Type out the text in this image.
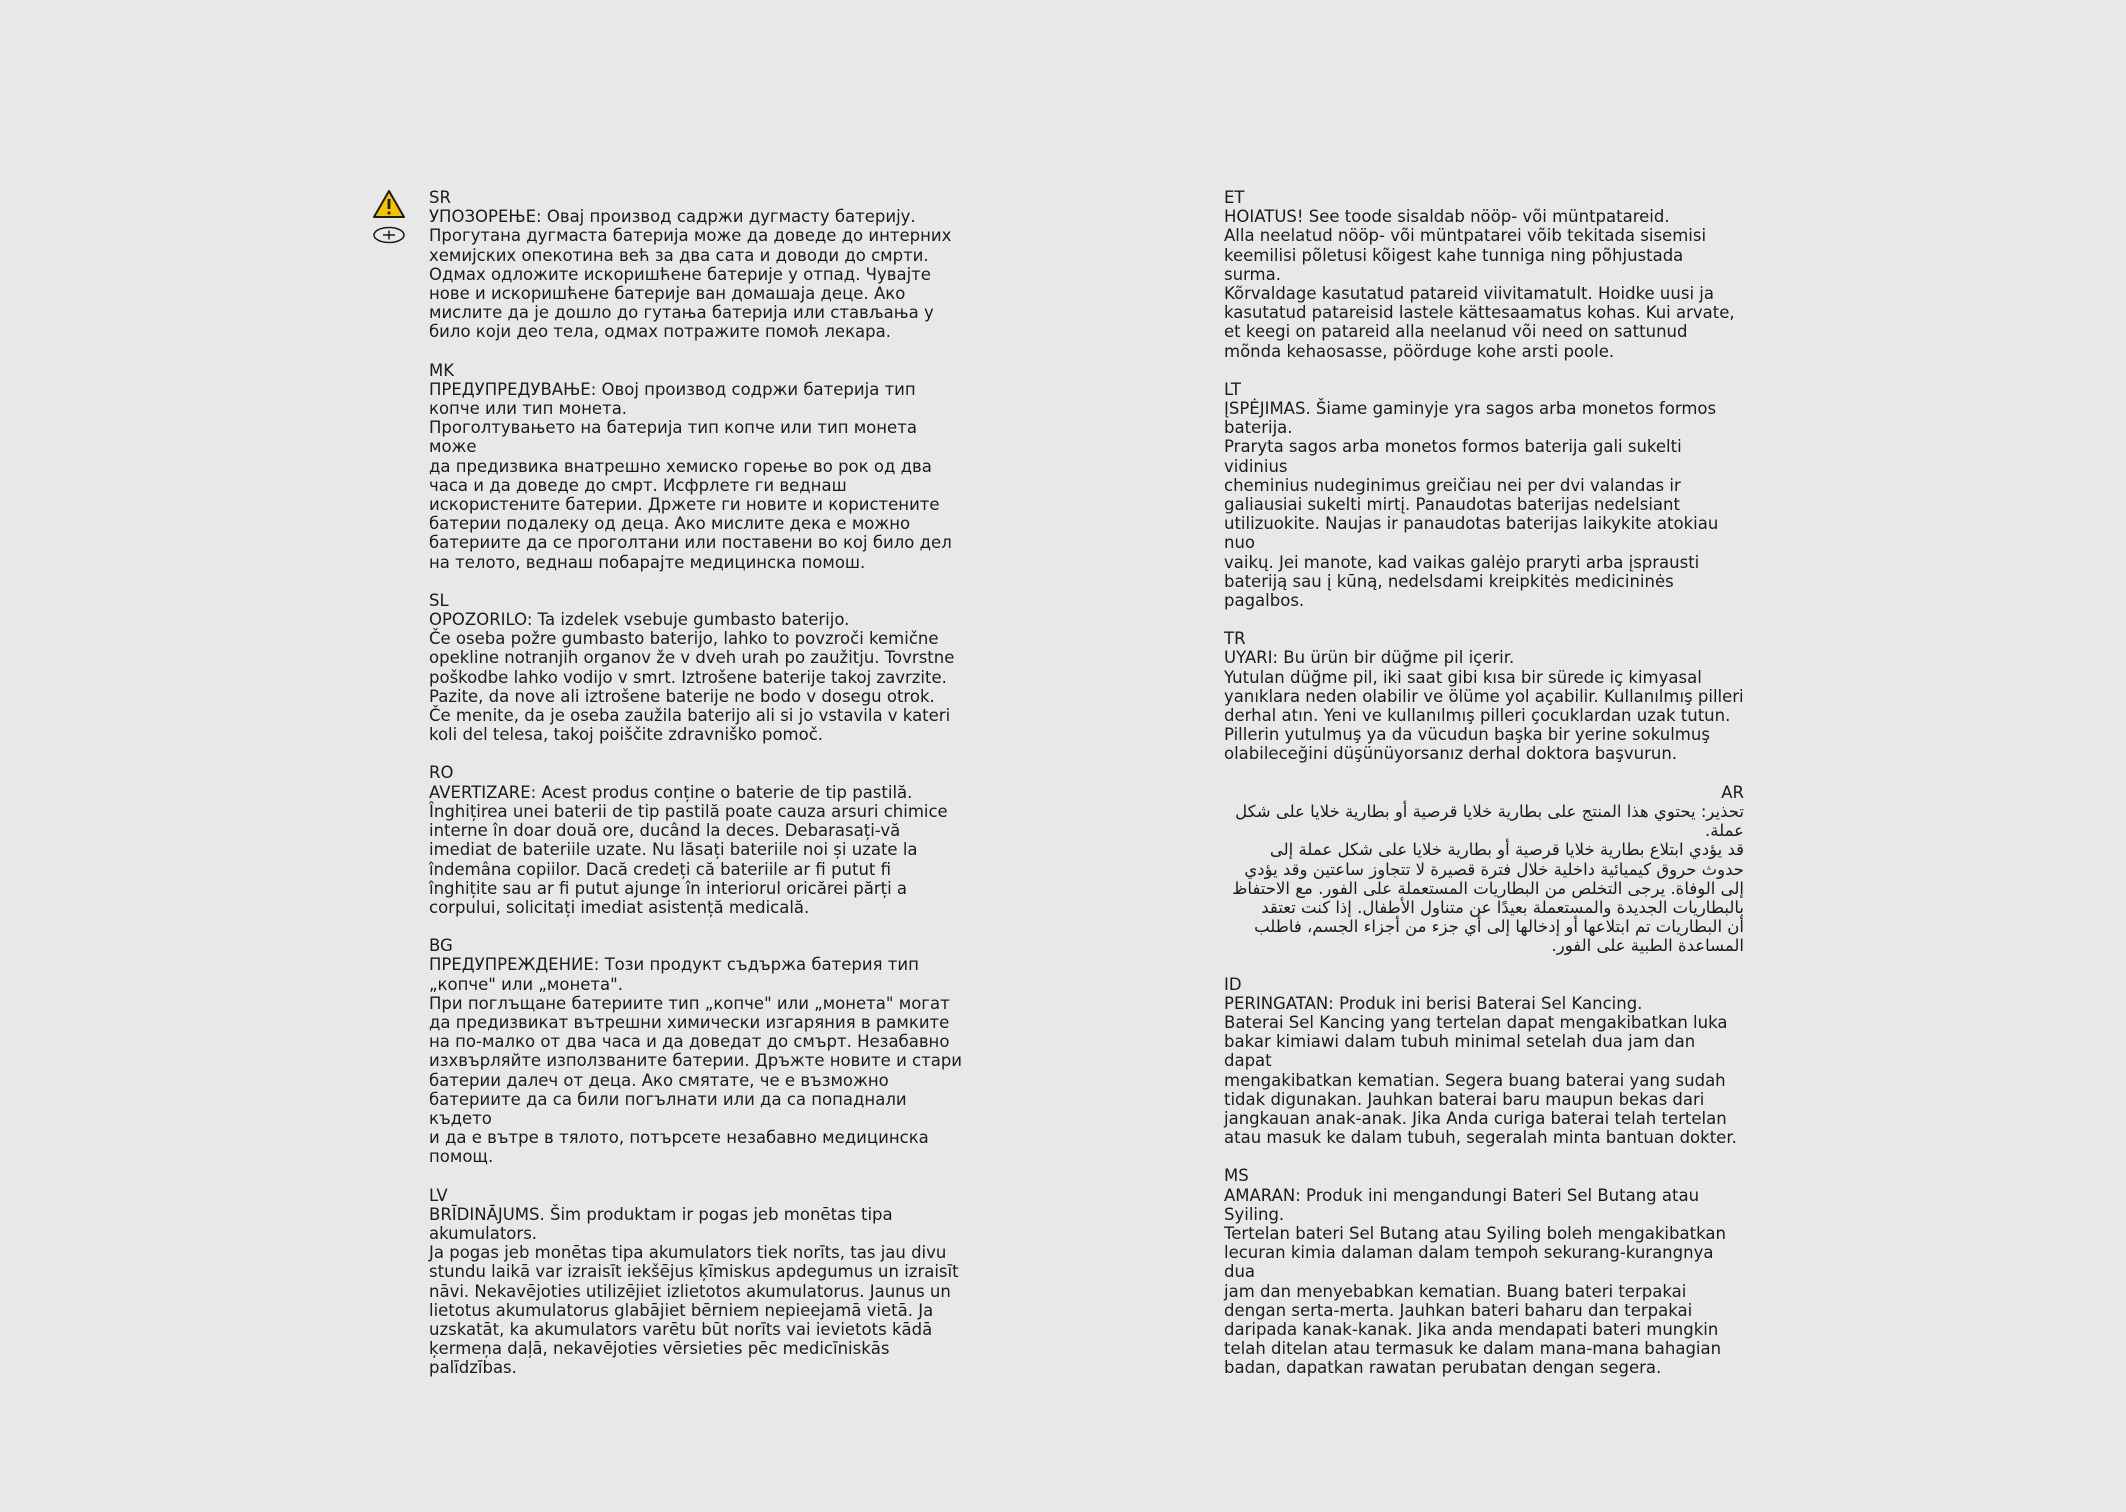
SR

УПОЗОРЕЊЕ: Овај производ садржи дугмасту батерију.
Прогутана дугмаста батерија може да доведе до интерних
хемијских опекотина већ за два сата и доводи до смрти.
Одмах одложите искоришћене батерије у отпад. Чувајте
нове и искоришћене батерије ван домашаја деце. Ако
мислите да је дошло до гутања батерија или стављања у
било који део тела, одмах потражите помоћ лекара.

MK

ПРЕДУПРЕДУВАЊЕ: Овој производ содржи батерија тип
копче или тип монета.
Проголтувањето на батерија тип копче или тип монета може
да предизвика внатрешно хемиско горење во рок од два
часа и да доведе до смрт. Исфрлете ги веднаш
искористените батерии. Држете ги новите и користените
батерии подалеку од деца. Ако мислите дека е можно
батериите да се проголтани или поставени во кој било дел
на телото, веднаш побарајте медицинска помош.

SL

OPOZORILO: Ta izdelek vsebuje gumbasto baterijo.
Če oseba požre gumbasto baterijo, lahko to povzroči kemične
opekline notranjih organov že v dveh urah po zaužitju. Tovrstne
poškodbe lahko vodijo v smrt. Iztrošene baterije takoj zavrzite.
Pazite, da nove ali iztrošene baterije ne bodo v dosegu otrok.
Če menite, da je oseba zaužila baterijo ali si jo vstavila v kateri
koli del telesa, takoj poiščite zdravniško pomoč.

RO

AVERTIZARE: Acest produs conține o baterie de tip pastilă.
Înghițirea unei baterii de tip pastilă poate cauza arsuri chimice
interne în doar două ore, ducând la deces. Debarasați-vă
imediat de bateriile uzate. Nu lăsați bateriile noi și uzate la
îndemâna copiilor. Dacă credeți că bateriile ar fi putut fi
înghițite sau ar fi putut ajunge în interiorul oricărei părți a
corpului, solicitați imediat asistență medicală.

BG

ПРЕДУПРЕЖДЕНИЕ: Този продукт съдържа батерия тип
„копче" или „монета".
При поглъщане батериите тип „копче" или „монета" могат
да предизвикат вътрешни химически изгаряния в рамките
на по-малко от два часа и да доведат до смърт. Незабавно
изхвърляйте използваните батерии. Дръжте новите и стари
батерии далеч от деца. Ако смятате, че е възможно
батериите да са били погълнати или да са попаднали където
и да е вътре в тялото, потърсете незабавно медицинска
помощ.

LV

BRĪDINĀJUMS. Šim produktam ir pogas jeb monētas tipa
akumulators.
Ja pogas jeb monētas tipa akumulators tiek norīts, tas jau divu
stundu laikā var izraisīt iekšējus ķīmiskus apdegumus un izraisīt
nāvi. Nekavējoties utilizējiet izlietotos akumulatorus. Jaunus un
lietotus akumulatorus glabājiet bērniem nepieejamā vietā. Ja
uzskatāt, ka akumulators varētu būt norīts vai ievietots kādā
ķermeņa daļā, nekavējoties vērsieties pēc medicīniskās
palīdzības.

ET

HOIATUS! See toode sisaldab nööp- või müntpatareid.
Alla neelatud nööp- või müntpatarei võib tekitada sisemisi
keemilisi põletusi kõigest kahe tunniga ning põhjustada surma.
Kõrvaldage kasutatud patareid viivitamatult. Hoidke uusi ja
kasutatud patareisid lastele kättesaamatus kohas. Kui arvate,
et keegi on patareid alla neelanud või need on sattunud
mõnda kehaosasse, pöörduge kohe arsti poole.

LT

ĮSPĖJIMAS. Šiame gaminyje yra sagos arba monetos formos
baterija.
Praryta sagos arba monetos formos baterija gali sukelti vidinius
cheminius nudeginimus greičiau nei per dvi valandas ir
galiausiai sukelti mirtį. Panaudotas baterijas nedelsiant
utilizuokite. Naujas ir panaudotas baterijas laikykite atokiau nuo
vaikų. Jei manote, kad vaikas galėjo praryti arba įsprausti
bateriją sau į kūną, nedelsdami kreipkitės medicininės
pagalbos.

TR

UYARI: Bu ürün bir düğme pil içerir.
Yutulan düğme pil, iki saat gibi kısa bir sürede iç kimyasal
yanıklara neden olabilir ve ölüme yol açabilir. Kullanılmış pilleri
derhal atın. Yeni ve kullanılmış pilleri çocuklardan uzak tutun.
Pillerin yutulmuş ya da vücudun başka bir yerine sokulmuş
olabileceğini düşünüyorsanız derhal doktora başvurun.

AR

تحذير: يحتوي هذا المنتج على بطارية خلايا قرصية أو بطارية خلايا على شكل
عملة.
قد يؤدي ابتلاع بطارية خلايا قرصية أو بطارية خلايا على شكل عملة إلى
حدوث حروق كيميائية داخلية خلال فترة قصيرة لا تتجاوز ساعتين وقد يؤدي
إلى الوفاة. يرجى التخلص من البطاريات المستعملة على الفور. مع الاحتفاظ
بالبطاريات الجديدة والمستعملة بعيدًا عن متناول الأطفال. إذا كنت تعتقد
أن البطاريات تم ابتلاعها أو إدخالها إلى أي جزء من أجزاء الجسم، فاطلب
المساعدة الطبية على الفور.

ID

PERINGATAN: Produk ini berisi Baterai Sel Kancing.
Baterai Sel Kancing yang tertelan dapat mengakibatkan luka
bakar kimiawi dalam tubuh minimal setelah dua jam dan dapat
mengakibatkan kematian. Segera buang baterai yang sudah
tidak digunakan. Jauhkan baterai baru maupun bekas dari
jangkauan anak-anak. Jika Anda curiga baterai telah tertelan
atau masuk ke dalam tubuh, segeralah minta bantuan dokter.

MS

AMARAN: Produk ini mengandungi Bateri Sel Butang atau
Syiling.
Tertelan bateri Sel Butang atau Syiling boleh mengakibatkan
lecuran kimia dalaman dalam tempoh sekurang-kurangnya dua
jam dan menyebabkan kematian. Buang bateri terpakai
dengan serta-merta. Jauhkan bateri baharu dan terpakai
daripada kanak-kanak. Jika anda mendapati bateri mungkin
telah ditelan atau termasuk ke dalam mana-mana bahagian
badan, dapatkan rawatan perubatan dengan segera.
